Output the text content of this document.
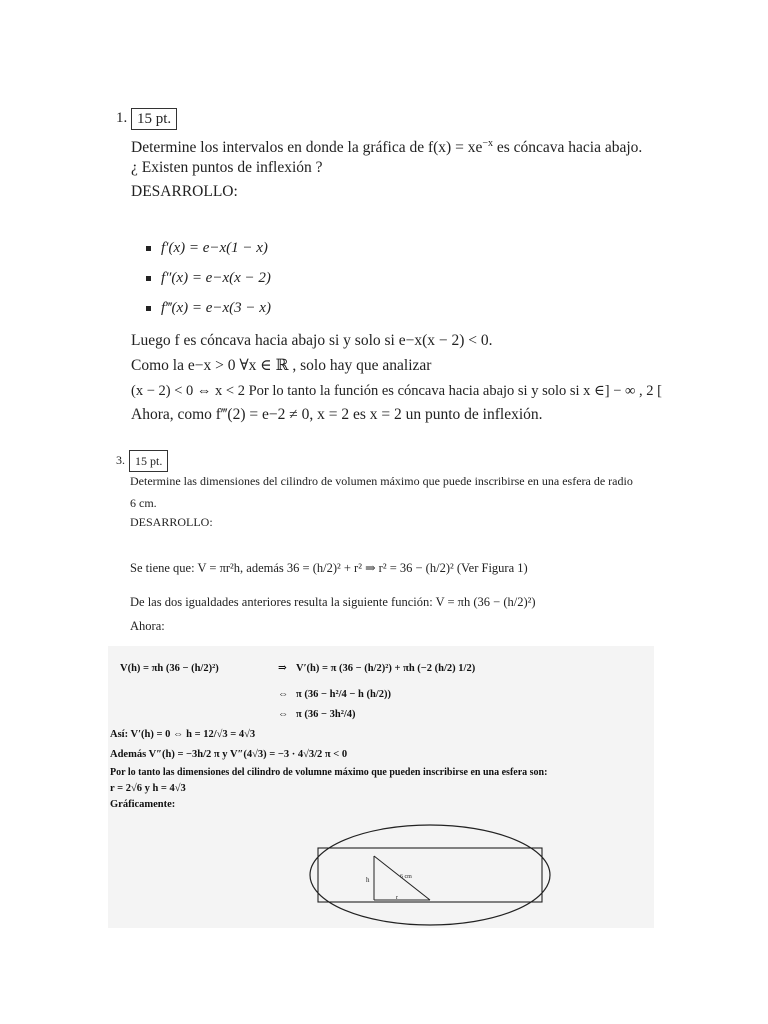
1. 15 pt.
Determine los intervalos en donde la gráfica de $f(x) = xe^{-x}$ es cóncava hacia abajo.
¿ Existen puntos de inflexión ?
DESARROLLO:
f′(x) = e−x(1 − x)
f″(x) = e−x(x − 2)
f‴(x) = e−x(3 − x)
Luego f es cóncava hacia abajo si y solo si e−x(x − 2) < 0.
Como la e−x > 0 ∀x ∈ ℝ , solo hay que analizar
(x − 2) < 0 ⇔ x < 2 Por lo tanto la función es cóncava hacia abajo si y solo si x ∈] − ∞ , 2 [
Ahora, como f‴(2) = e−2 ≠ 0, x = 2 es x = 2 un punto de inflexión.
3. 15 pt.
Determine las dimensiones del cilindro de volumen máximo que puede inscribirse en una esfera de radio
6 cm.
DESARROLLO:
Se tiene que: V = πr²h, además 36 = (h/2)² + r² ⇒ r² = 36 − (h/2)² (Ver Figura 1)
De las dos igualdades anteriores resulta la siguiente función: V = πh (36 − (h/2)²)
Ahora:
V(h) = πh (36 − (h/2)²)	⇒ V′(h) = π (36 − (h/2)²) + πh (−2 (h/2) 1/2)
⇔ π (36 − h²/4 − h (h/2))
⇔ π (36 − 3h²/4)
Así: V′(h) = 0 ⇔ h = 12/√3 = 4√3
Además V″(h) = −3h/2 π y V″(4√3) = −3 · 4√3/2 π < 0
Por lo tanto las dimensiones del cilindro de volumne máximo que pueden inscribirse en una esfera son:
r = 2√6 y h = 4√3
Gráficamente:
h	6 cm
r
